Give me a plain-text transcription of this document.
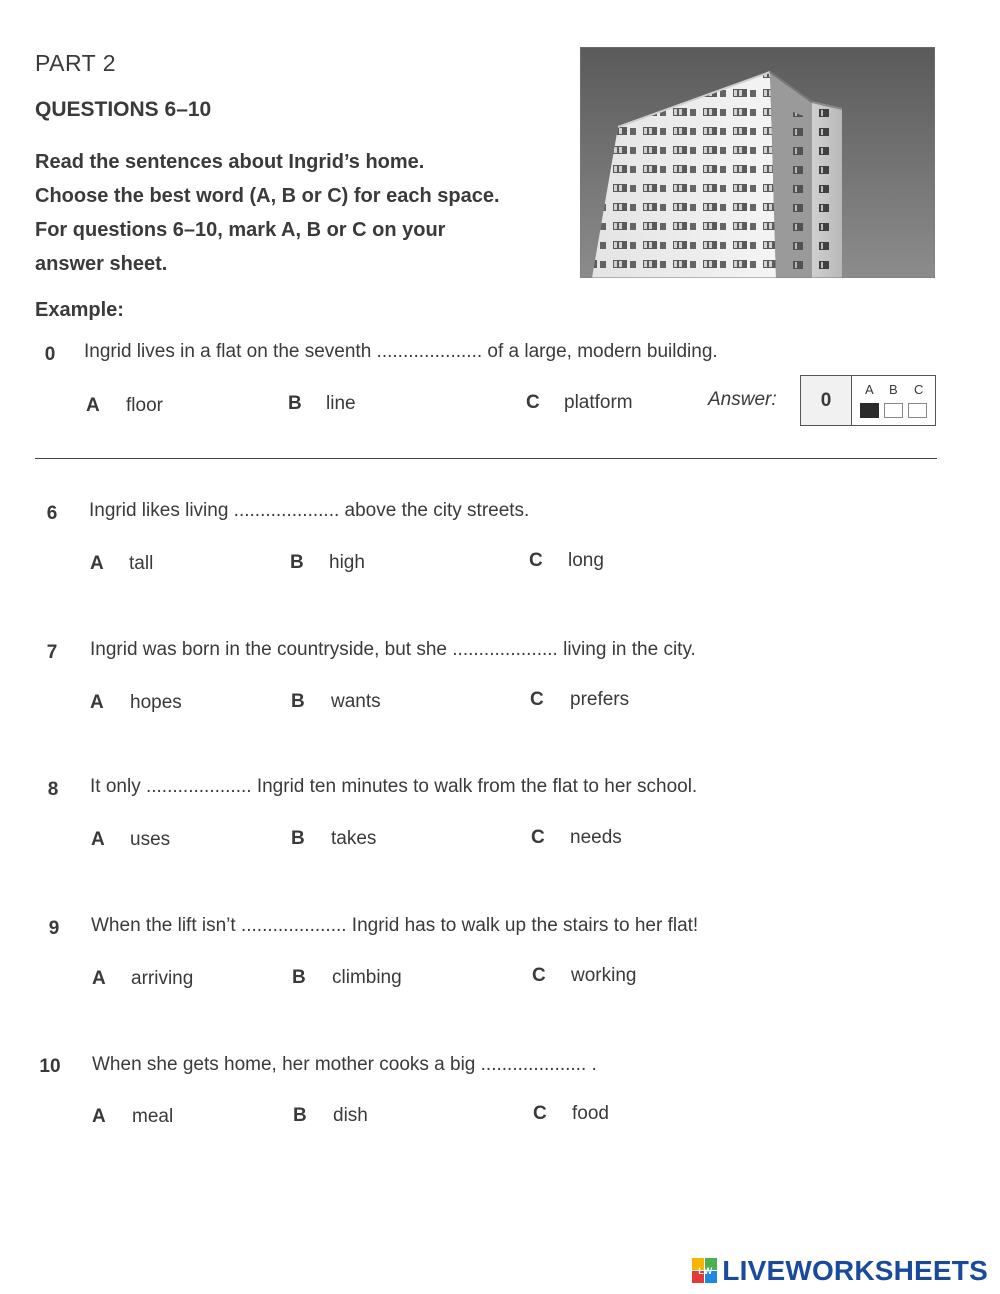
PART 2
QUESTIONS 6–10
Read the sentences about Ingrid’s home.
Choose the best word (A, B or C) for each space.
For questions 6–10, mark A, B or C on your
answer sheet.
Example:
0	Ingrid lives in a flat on the seventh .................... of a large, modern building.
A floor	B line	C platform	Answer:	0	A B C
6	Ingrid likes living .................... above the city streets.
A tall	B high	C long
7	Ingrid was born in the countryside, but she .................... living in the city.
A hopes	B wants	C prefers
8	It only .................... Ingrid ten minutes to walk from the flat to her school.
A uses	B takes	C needs
9	When the lift isn’t .................... Ingrid has to walk up the stairs to her flat!
A arriving	B climbing	C working
10 When she gets home, her mother cooks a big .................... .
A meal	B dish	C food
L W LIVEWORKSHEETS
